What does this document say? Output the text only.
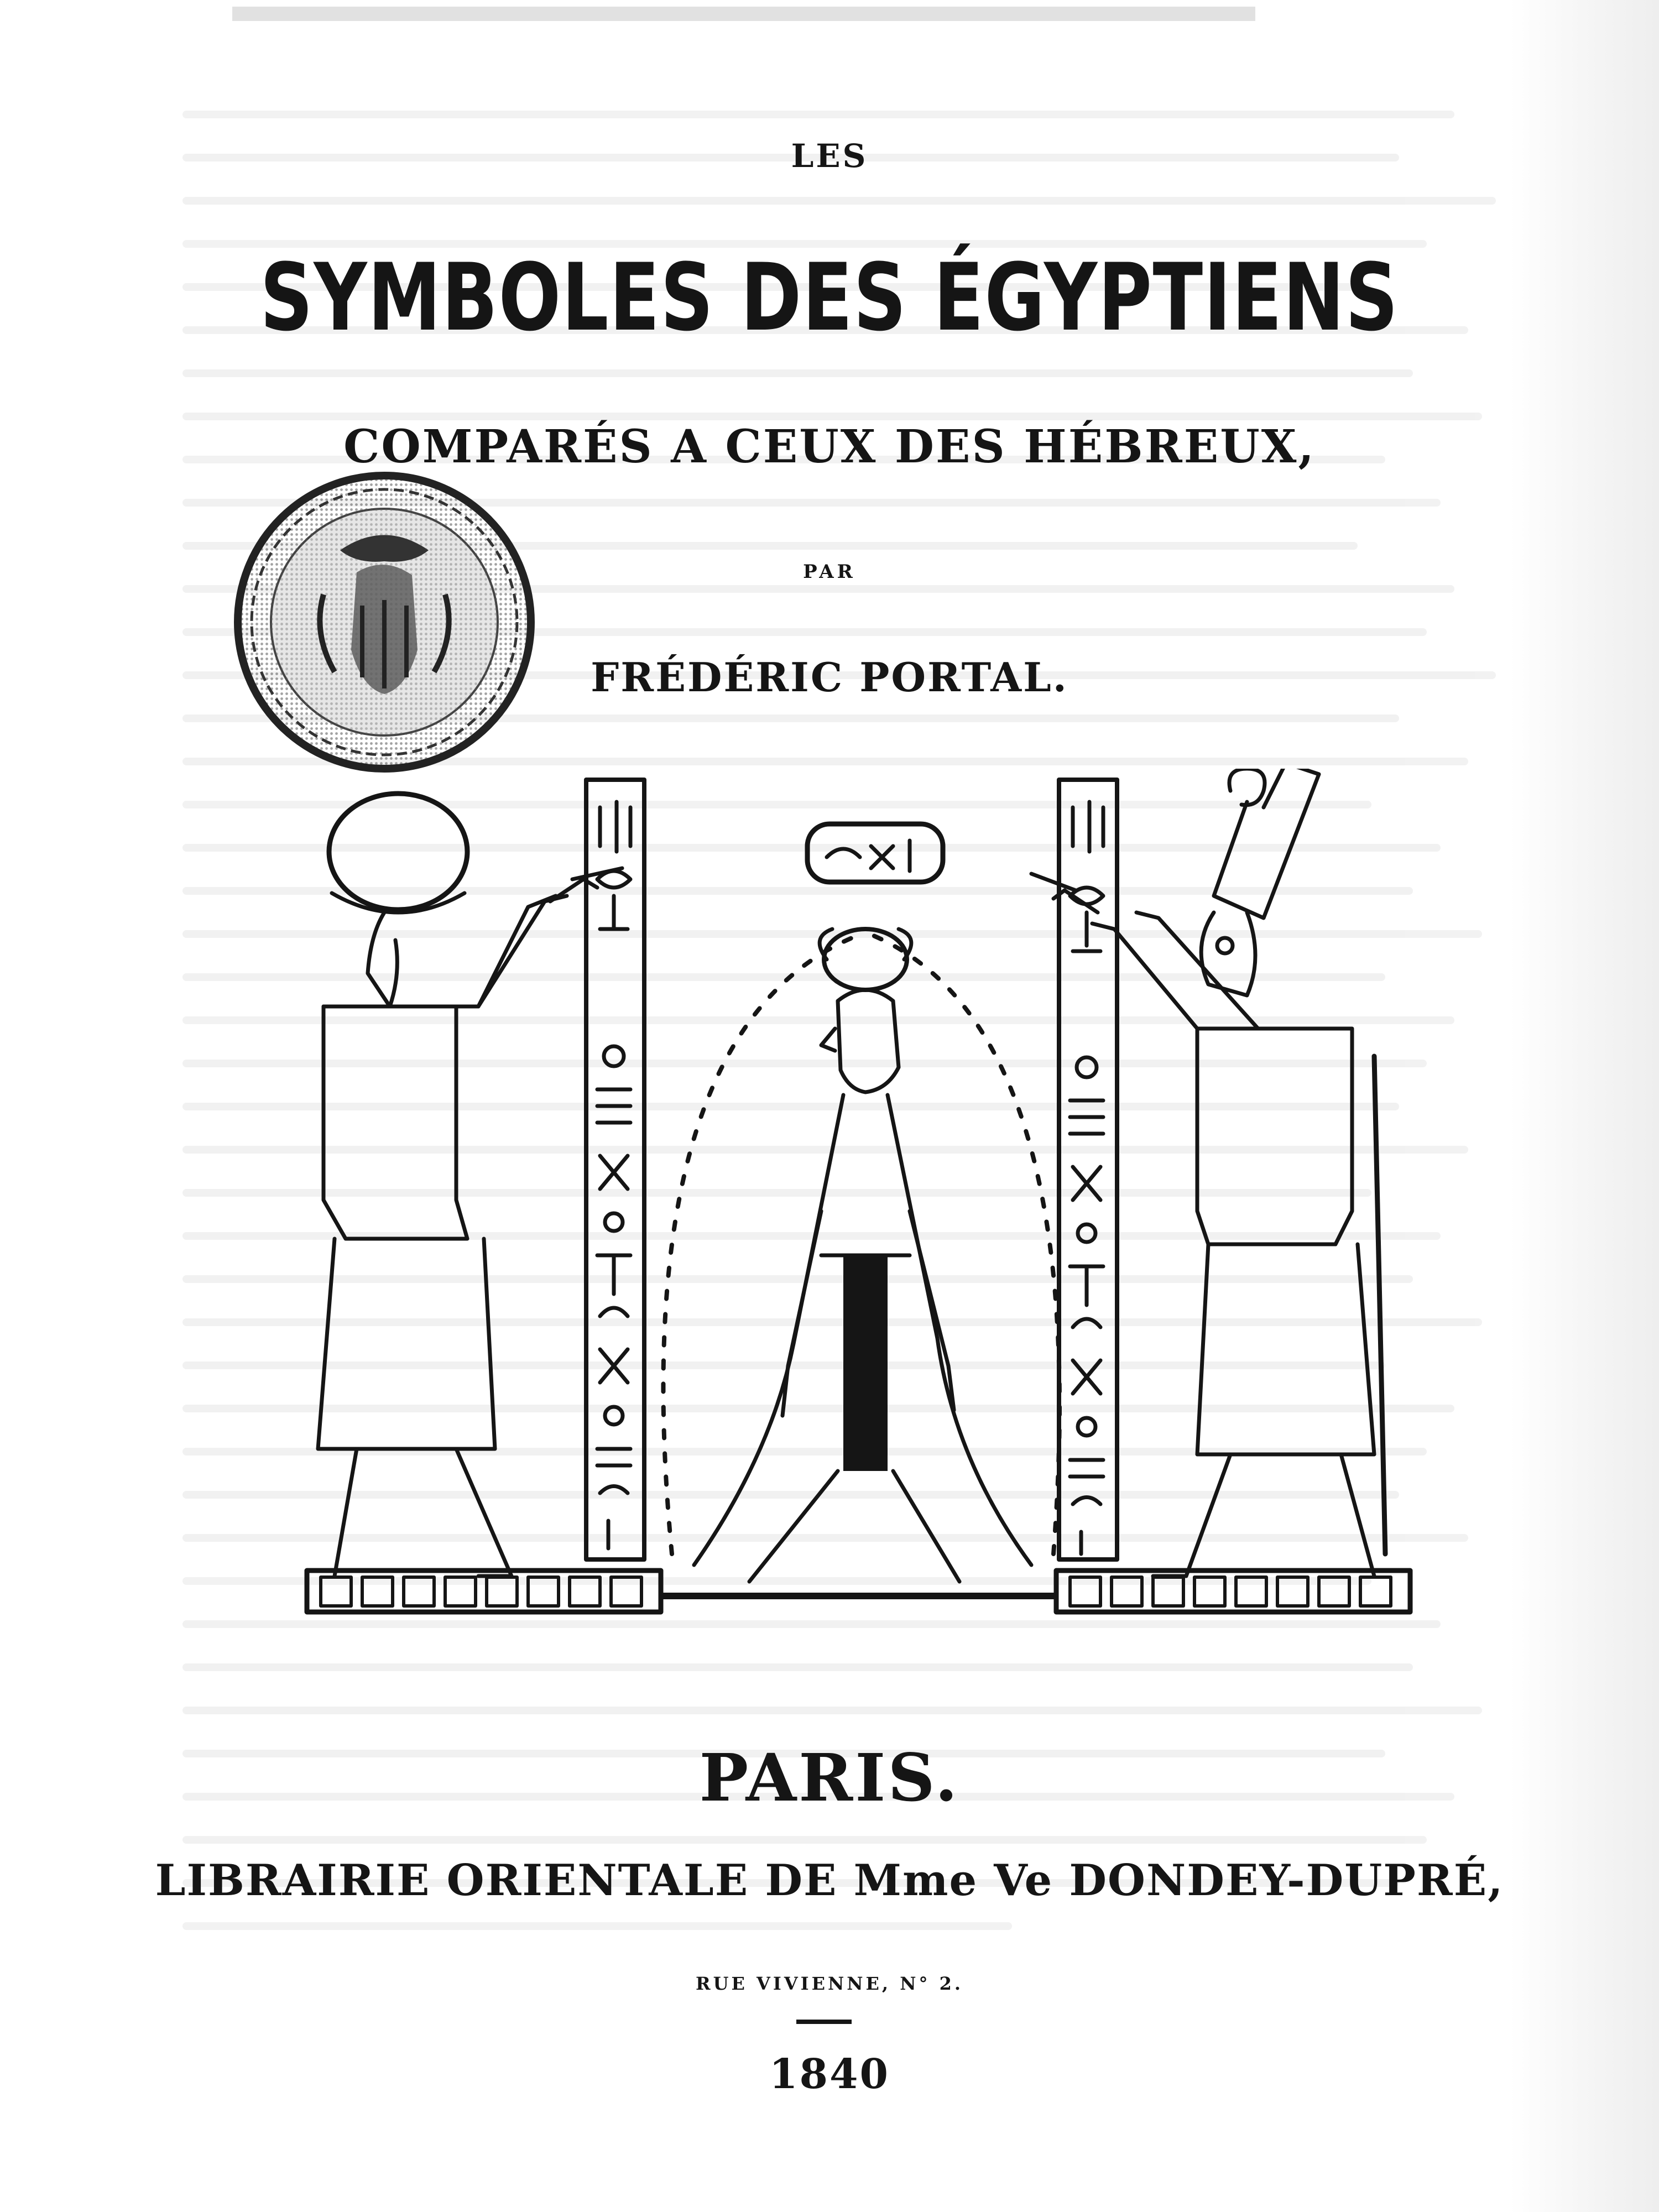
LES
SYMBOLES DES ÉGYPTIENS
COMPARÉS A CEUX DES HÉBREUX,
PAR
FRÉDÉRIC PORTAL.
PARIS.
LIBRAIRIE ORIENTALE DE Mme Ve DONDEY-DUPRÉ,
RUE VIVIENNE, N° 2.
1840
